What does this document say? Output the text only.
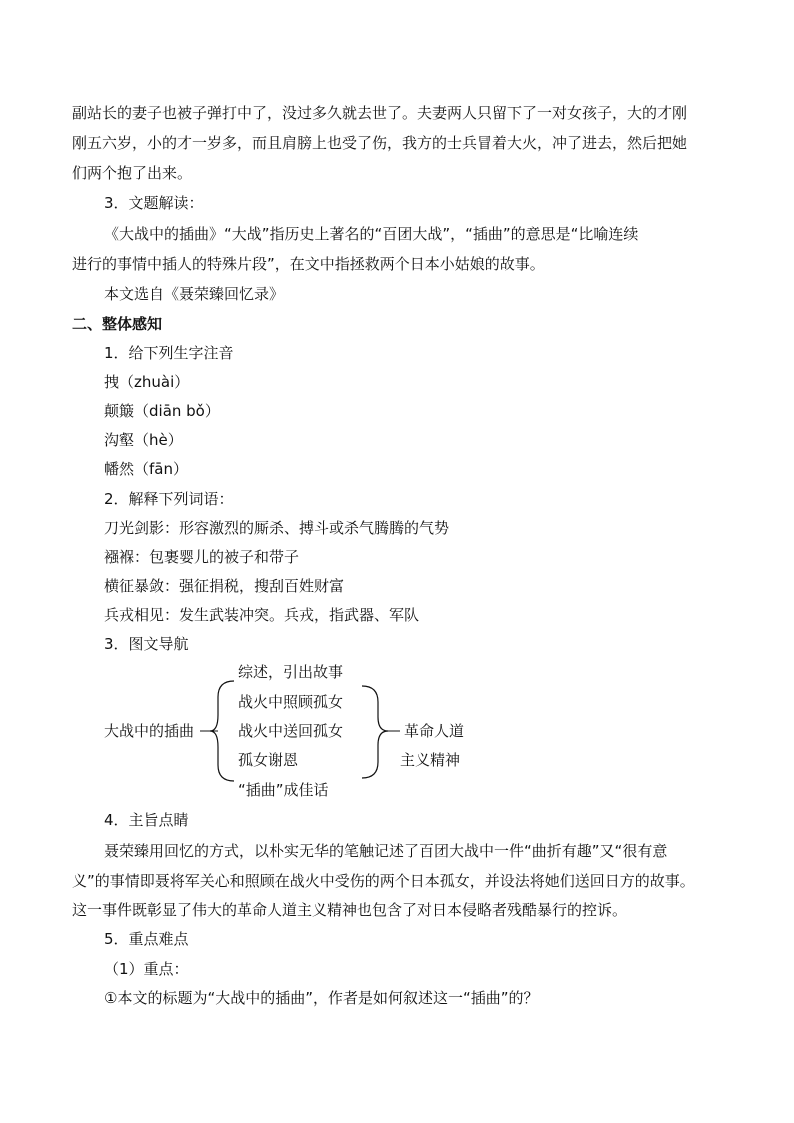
副站长的妻子也被子弹打中了，没过多久就去世了。夫妻两人只留下了一对女孩子，大的才刚
刚五六岁，小的才一岁多，而且肩膀上也受了伤，我方的士兵冒着大火，冲了进去，然后把她
们两个抱了出来。
3．文题解读：
《大战中的插曲》“大战”指历史上著名的“百团大战”，“插曲”的意思是“比喻连续
进行的事情中插人的特殊片段”，在文中指拯救两个日本小姑娘的故事。
本文选自《聂荣臻回忆录》
二、整体感知
1．给下列生字注音
拽（zhuài）
颠簸（diān bǒ）
沟壑（hè）
幡然（fān）
2．解释下列词语：
刀光剑影：形容激烈的厮杀、搏斗或杀气腾腾的气势
襁褓：包裹婴儿的被子和带子
横征暴敛：强征捐税，搜刮百姓财富
兵戎相见：发生武装冲突。兵戎，指武器、军队
3．图文导航
大战中的插曲
综述，引出故事
战火中照顾孤女
战火中送回孤女
孤女谢恩
“插曲”成佳话
革命人道
主义精神
4．主旨点睛
聂荣臻用回忆的方式，以朴实无华的笔触记述了百团大战中一件“曲折有趣”又“很有意
义”的事情即聂将军关心和照顾在战火中受伤的两个日本孤女，并设法将她们送回日方的故事。
这一事件既彰显了伟大的革命人道主义精神也包含了对日本侵略者残酷暴行的控诉。
5．重点难点
（1）重点：
①本文的标题为“大战中的插曲”，作者是如何叙述这一“插曲”的？
